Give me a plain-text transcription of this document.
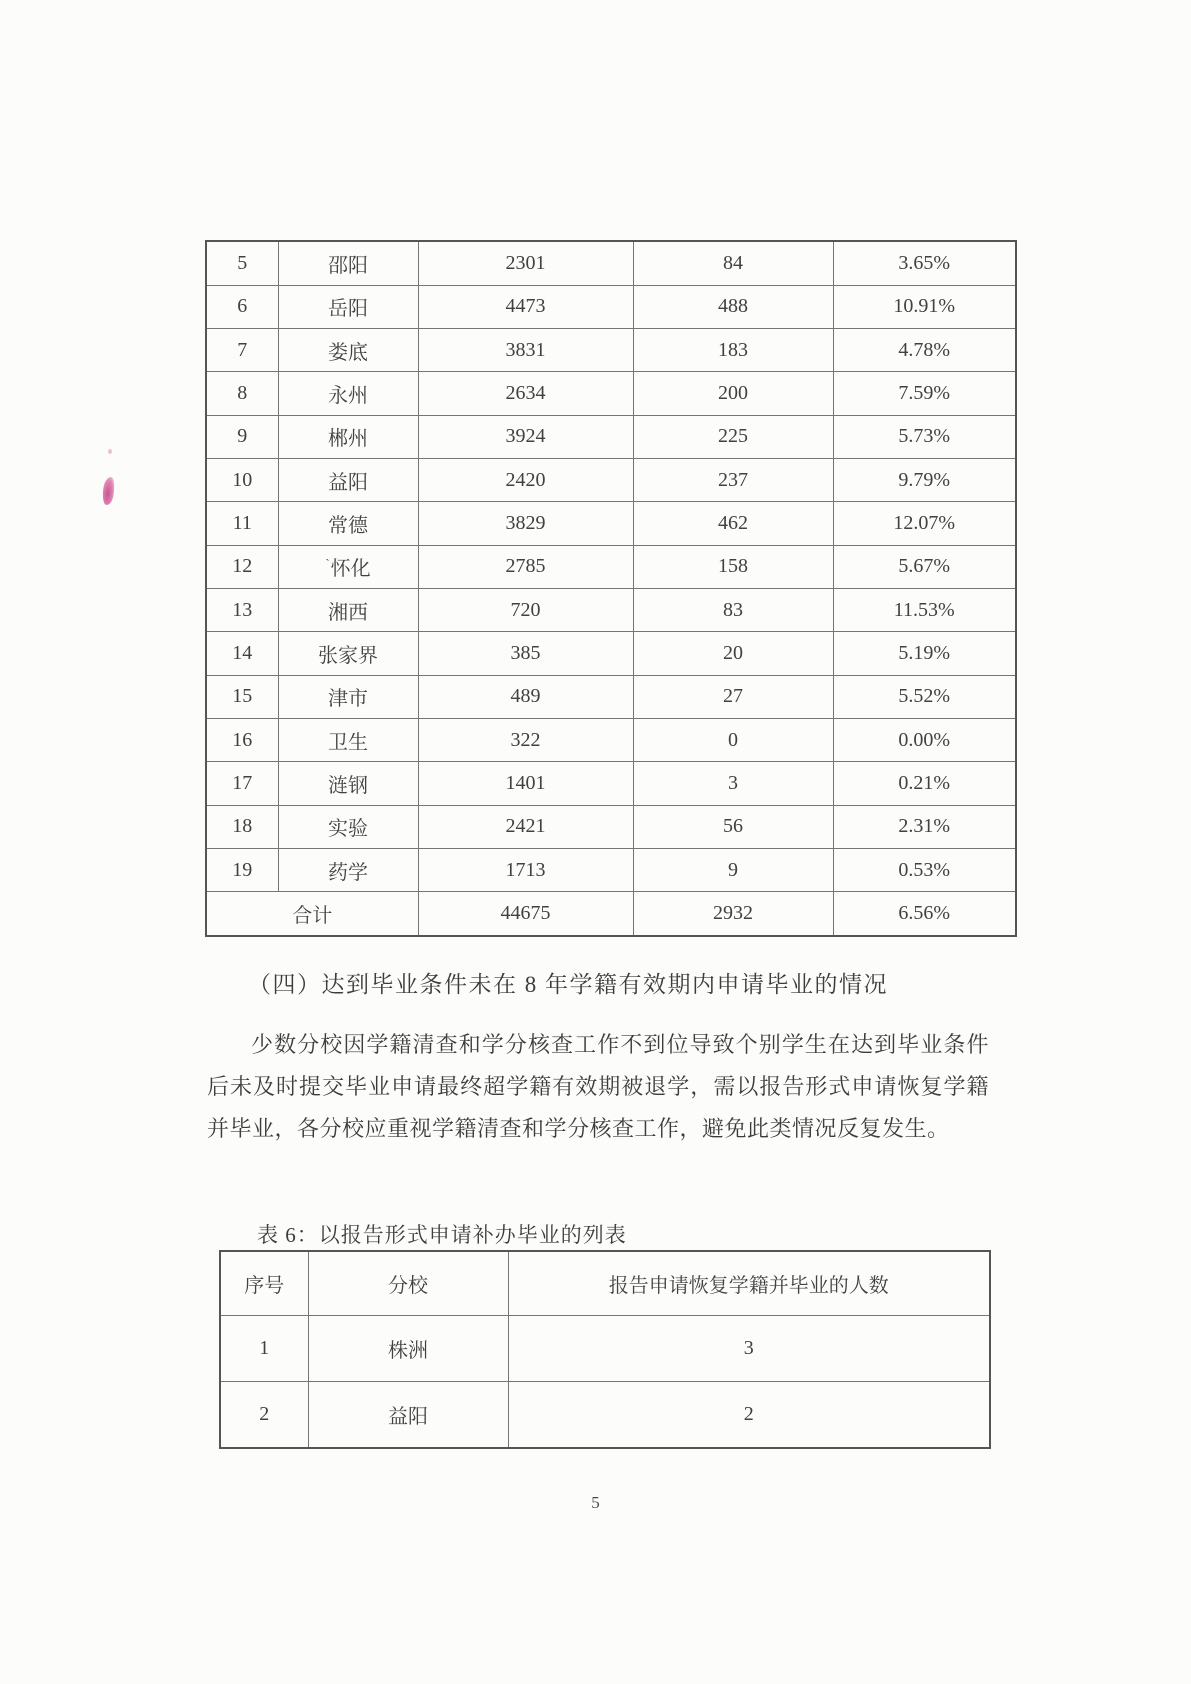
5	邵阳	2301	84	3.65%
6	岳阳	4473	488	10.91%
7	娄底	3831	183	4.78%
8	永州	2634	200	7.59%
9	郴州	3924	225	5.73%
10	益阳	2420	237	9.79%
11	常德	3829	462	12.07%
12	`怀化	2785	158	5.67%
13	湘西	720	83	11.53%
14	张家界	385	20	5.19%
15	津市	489	27	5.52%
16	卫生	322	0	0.00%
17	涟钢	1401	3	0.21%
18	实验	2421	56	2.31%
19	药学	1713	9	0.53%
合计		44675	2932	6.56%
（四）达到毕业条件未在 8 年学籍有效期内申请毕业的情况

少数分校因学籍清查和学分核查工作不到位导致个别学生在达到毕业条件后未及时提交毕业申请最终超学籍有效期被退学，需以报告形式申请恢复学籍并毕业，各分校应重视学籍清查和学分核查工作，避免此类情况反复发生。

表 6：以报告形式申请补办毕业的列表
序号	分校	报告申请恢复学籍并毕业的人数
1	株洲	3
2	益阳	2
5
